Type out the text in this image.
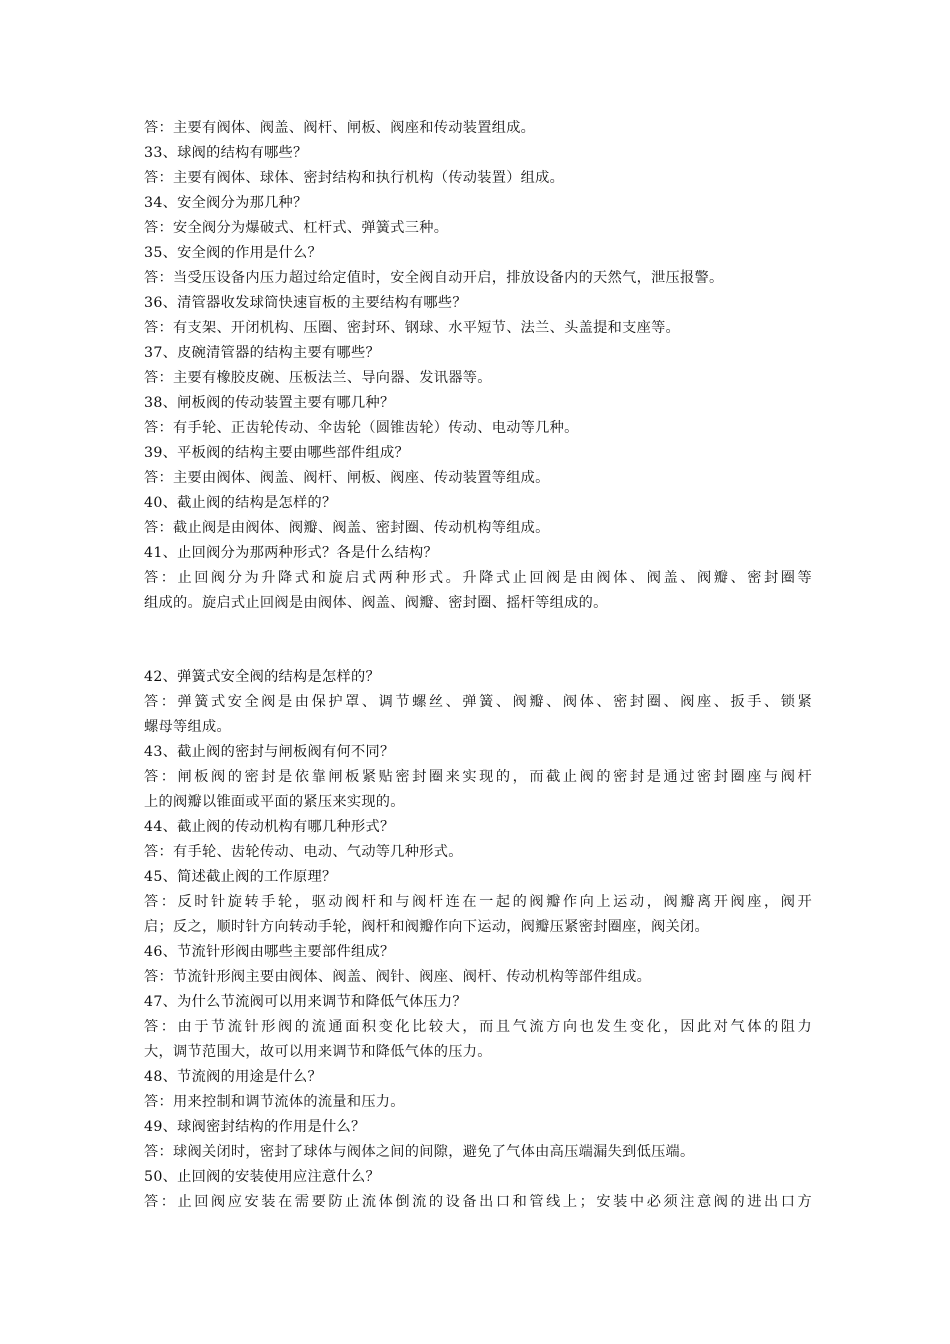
答：主要有阀体、阀盖、阀杆、闸板、阀座和传动装置组成。
33、球阀的结构有哪些？
答：主要有阀体、球体、密封结构和执行机构（传动装置）组成。
34、安全阀分为那几种？
答：安全阀分为爆破式、杠杆式、弹簧式三种。
35、安全阀的作用是什么？
答：当受压设备内压力超过给定值时，安全阀自动开启，排放设备内的天然气，泄压报警。
36、清管器收发球筒快速盲板的主要结构有哪些？
答：有支架、开闭机构、压圈、密封环、钢球、水平短节、法兰、头盖提和支座等。
37、皮碗清管器的结构主要有哪些？
答：主要有橡胶皮碗、压板法兰、导向器、发讯器等。
38、闸板阀的传动装置主要有哪几种？
答：有手轮、正齿轮传动、伞齿轮（圆锥齿轮）传动、电动等几种。
39、平板阀的结构主要由哪些部件组成？
答：主要由阀体、阀盖、阀杆、闸板、阀座、传动装置等组成。
40、截止阀的结构是怎样的？
答：截止阀是由阀体、阀瓣、阀盖、密封圈、传动机构等组成。
41、止回阀分为那两种形式？各是什么结构？
答：止回阀分为升降式和旋启式两种形式。升降式止回阀是由阀体、阀盖、阀瓣、密封圈等
组成的。旋启式止回阀是由阀体、阀盖、阀瓣、密封圈、摇杆等组成的。
42、弹簧式安全阀的结构是怎样的？
答：弹簧式安全阀是由保护罩、调节螺丝、弹簧、阀瓣、阀体、密封圈、阀座、扳手、锁紧
螺母等组成。
43、截止阀的密封与闸板阀有何不同？
答：闸板阀的密封是依靠闸板紧贴密封圈来实现的，而截止阀的密封是通过密封圈座与阀杆
上的阀瓣以锥面或平面的紧压来实现的。
44、截止阀的传动机构有哪几种形式？
答：有手轮、齿轮传动、电动、气动等几种形式。
45、简述截止阀的工作原理？
答：反时针旋转手轮，驱动阀杆和与阀杆连在一起的阀瓣作向上运动，阀瓣离开阀座，阀开
启；反之，顺时针方向转动手轮，阀杆和阀瓣作向下运动，阀瓣压紧密封圈座，阀关闭。
46、节流针形阀由哪些主要部件组成？
答：节流针形阀主要由阀体、阀盖、阀针、阀座、阀杆、传动机构等部件组成。
47、为什么节流阀可以用来调节和降低气体压力？
答：由于节流针形阀的流通面积变化比较大，而且气流方向也发生变化，因此对气体的阻力
大，调节范围大，故可以用来调节和降低气体的压力。
48、节流阀的用途是什么？
答：用来控制和调节流体的流量和压力。
49、球阀密封结构的作用是什么？
答：球阀关闭时，密封了球体与阀体之间的间隙，避免了气体由高压端漏失到低压端。
50、止回阀的安装使用应注意什么？
答：止回阀应安装在需要防止流体倒流的设备出口和管线上；安装中必须注意阀的进出口方
